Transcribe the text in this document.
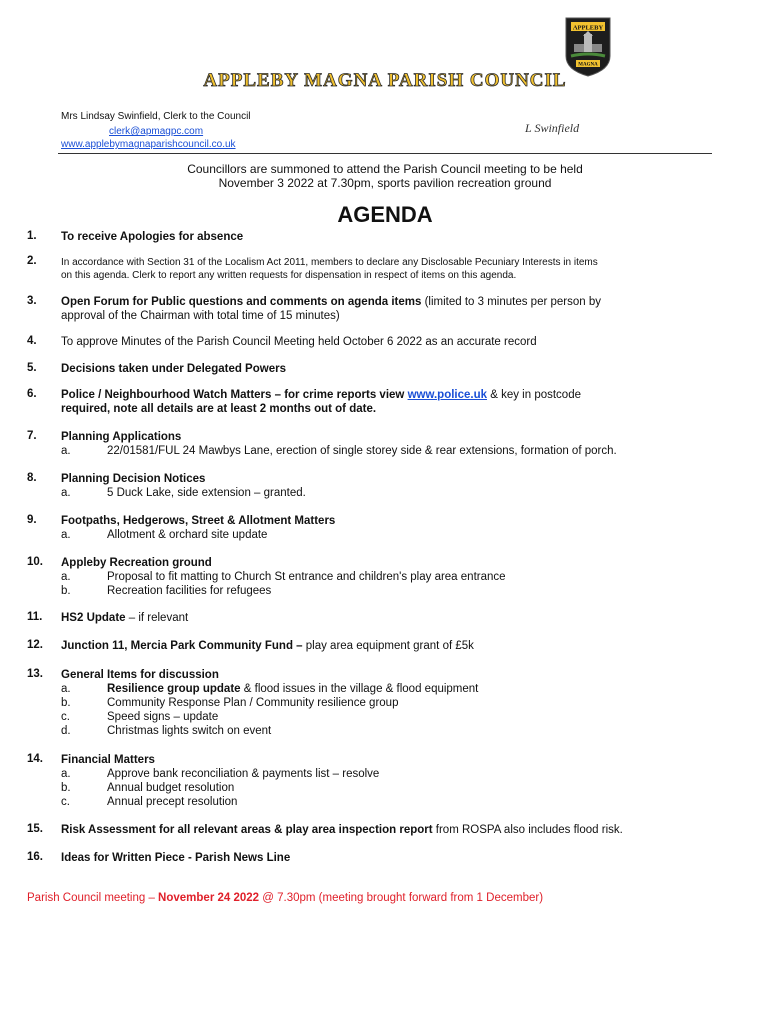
APPLEBY
MAGNA
APPLEBY MAGNA PARISH COUNCIL
Mrs Lindsay Swinfield, Clerk to the Council
clerk@apmagpc.com
www.applebymagnaparishcouncil.co.uk
L Swinfield
Councillors are summoned to attend the Parish Council meeting to be held
November 3 2022 at 7.30pm, sports pavilion recreation ground
AGENDA
1. To receive Apologies for absence
2. In accordance with Section 31 of the Localism Act 2011, members to declare any Disclosable Pecuniary Interests in items
on this agenda. Clerk to report any written requests for dispensation in respect of items on this agenda.
3. Open Forum for Public questions and comments on agenda items (limited to 3 minutes per person by
approval of the Chairman with total time of 15 minutes)
4. To approve Minutes of the Parish Council Meeting held October 6 2022 as an accurate record
5. Decisions taken under Delegated Powers
6. Police / Neighbourhood Watch Matters – for crime reports view www.police.uk & key in postcode
required, note all details are at least 2 months out of date.
7. Planning Applications
a.	22/01581/FUL 24 Mawbys Lane, erection of single storey side & rear extensions, formation of porch.
8. Planning Decision Notices
a.	5 Duck Lake, side extension – granted.
9. Footpaths, Hedgerows, Street & Allotment Matters
a.	Allotment & orchard site update
10. Appleby Recreation ground
a.	Proposal to fit matting to Church St entrance and children's play area entrance
b.	Recreation facilities for refugees
11. HS2 Update – if relevant
12. Junction 11, Mercia Park Community Fund – play area equipment grant of £5k
13. General Items for discussion
a.	Resilience group update & flood issues in the village & flood equipment
b.	Community Response Plan / Community resilience group
c.	Speed signs – update
d.	Christmas lights switch on event
14. Financial Matters
a.	Approve bank reconciliation & payments list – resolve
b.	Annual budget resolution
c.	Annual precept resolution
15. Risk Assessment for all relevant areas & play area inspection report from ROSPA also includes flood risk.
16. Ideas for Written Piece - Parish News Line
Parish Council meeting – November 24 2022 @ 7.30pm (meeting brought forward from 1 December)
